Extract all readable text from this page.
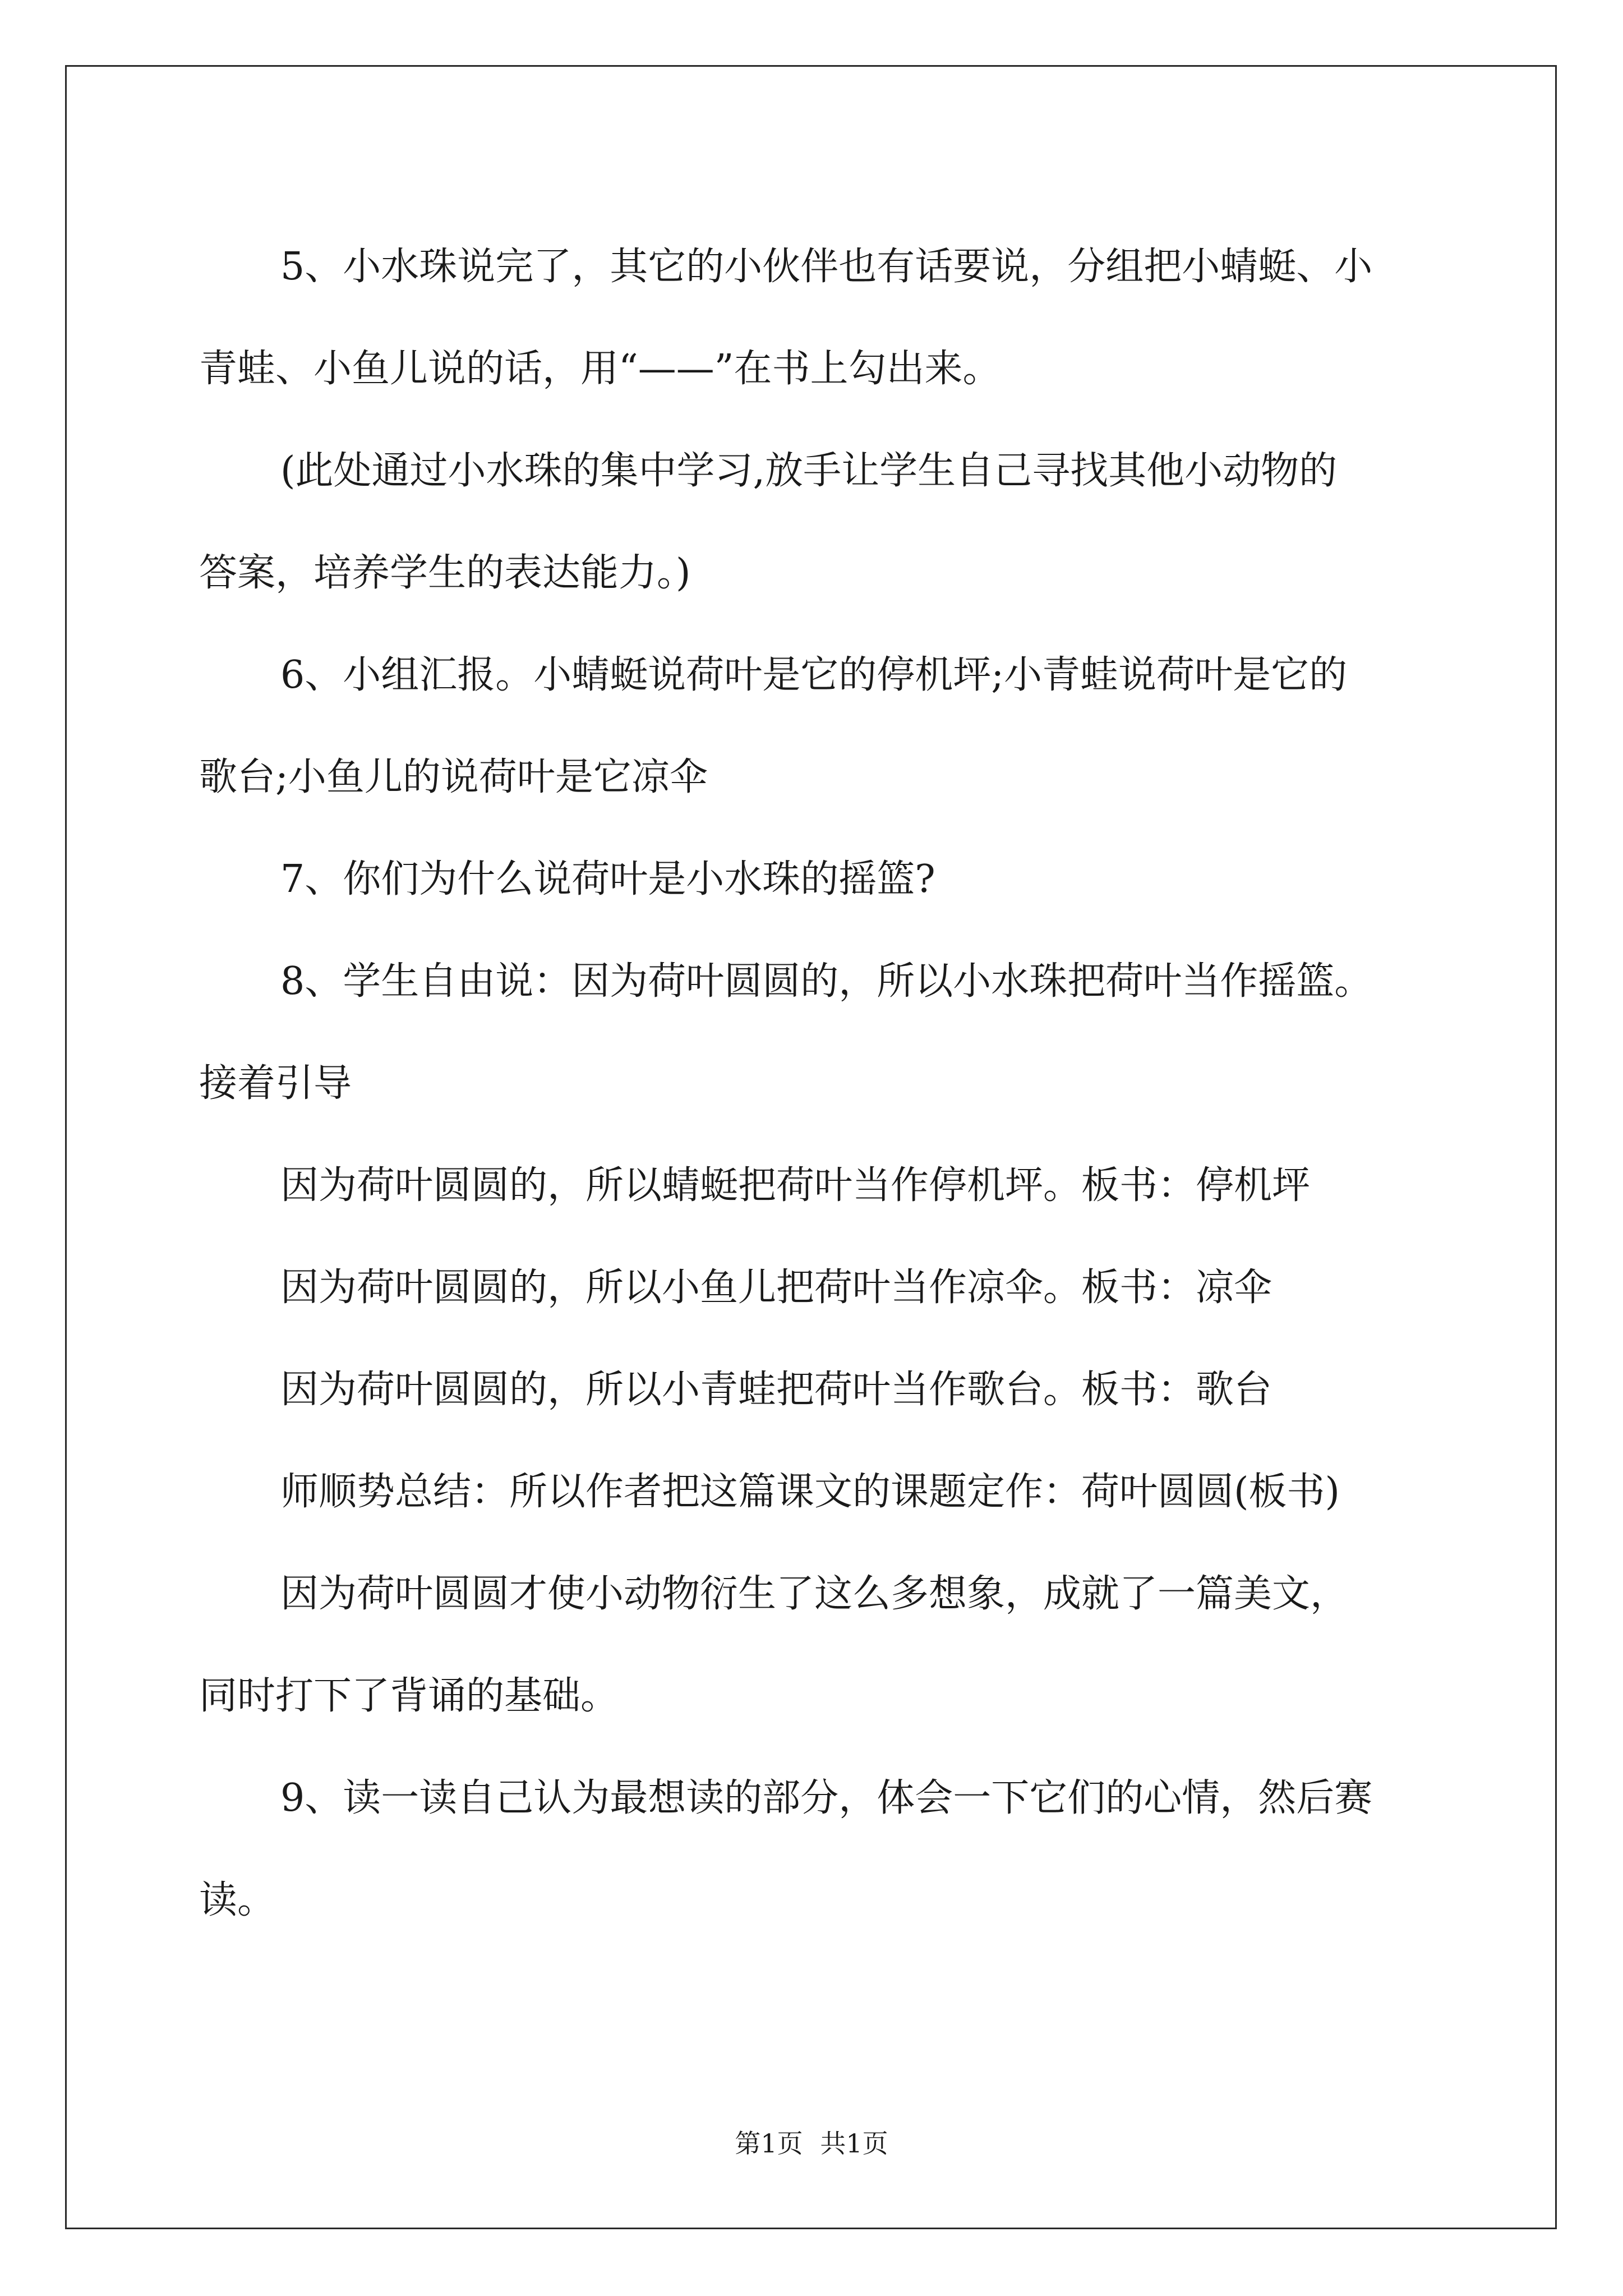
5、小水珠说完了，其它的小伙伴也有话要说，分组把小蜻蜓、小

青蛙、小鱼儿说的话，用“——”在书上勾出来。

(此处通过小水珠的集中学习,放手让学生自己寻找其他小动物的

答案，培养学生的表达能力。)

6、小组汇报。小蜻蜓说荷叶是它的停机坪;小青蛙说荷叶是它的

歌台;小鱼儿的说荷叶是它凉伞

7、你们为什么说荷叶是小水珠的摇篮?

8、学生自由说：因为荷叶圆圆的，所以小水珠把荷叶当作摇篮。

接着引导

因为荷叶圆圆的，所以蜻蜓把荷叶当作停机坪。板书：停机坪

因为荷叶圆圆的，所以小鱼儿把荷叶当作凉伞。板书：凉伞

因为荷叶圆圆的，所以小青蛙把荷叶当作歌台。板书：歌台

师顺势总结：所以作者把这篇课文的课题定作：荷叶圆圆(板书)

因为荷叶圆圆才使小动物衍生了这么多想象，成就了一篇美文，

同时打下了背诵的基础。

9、读一读自己认为最想读的部分，体会一下它们的心情，然后赛

读。

第1页 共1页
